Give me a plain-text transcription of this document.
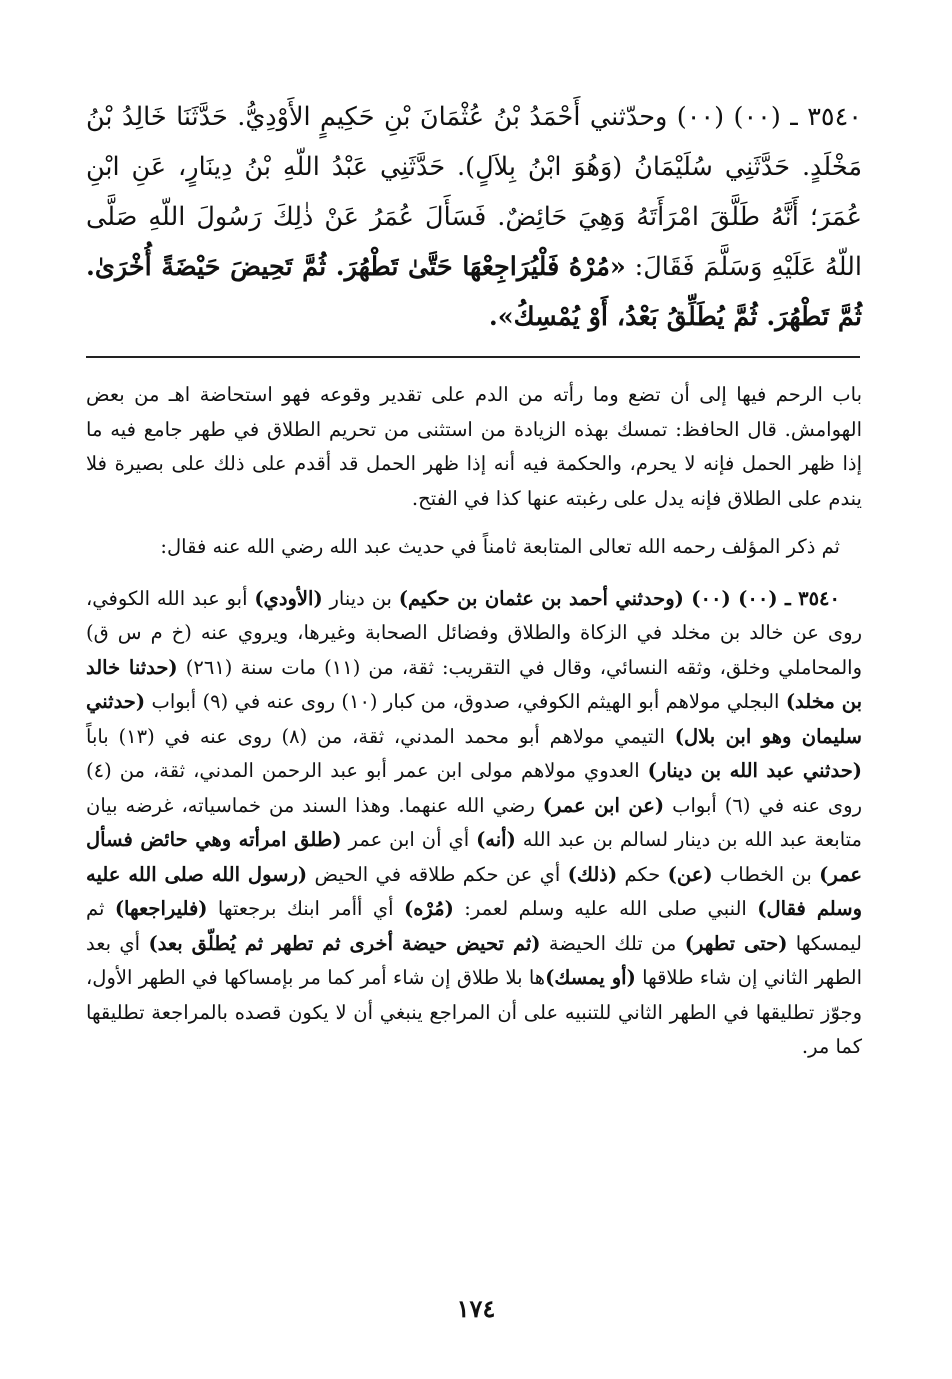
٣٥٤٠ ـ (٠٠) (٠٠) وحدّثني أَحْمَدُ بْنُ عُثْمَانَ بْنِ حَكِيمٍ الأَوْدِيُّ. حَدَّثَنَا خَالِدُ بْنُ مَخْلَدٍ. حَدَّثَنِي سُلَيْمَانُ (وَهُوَ ابْنُ بِلاَلٍ). حَدَّثَنِي عَبْدُ اللّهِ بْنُ دِينَارٍ، عَنِ ابْنِ عُمَرَ؛ أَنَّهُ طَلَّقَ امْرَأَتَهُ وَهِيَ حَائِضٌ. فَسَأَلَ عُمَرُ عَنْ ذٰلِكَ رَسُولَ اللّهِ صَلَّى اللّهُ عَلَيْهِ وَسَلَّمَ فَقَالَ: «مُرْهُ فَلْيُرَاجِعْهَا حَتَّىٰ تَطْهُرَ. ثُمَّ تَحِيضَ حَيْضَةً أُخْرَىٰ. ثُمَّ تَطْهُرَ. ثُمَّ يُطَلِّقُ بَعْدُ، أَوْ يُمْسِكُ».

باب الرحم فيها إلى أن تضع وما رأته من الدم على تقدير وقوعه فهو استحاضة اهـ من بعض الهوامش. قال الحافظ: تمسك بهذه الزيادة من استثنى من تحريم الطلاق في طهر جامع فيه ما إذا ظهر الحمل فإنه لا يحرم، والحكمة فيه أنه إذا ظهر الحمل قد أقدم على ذلك على بصيرة فلا يندم على الطلاق فإنه يدل على رغبته عنها كذا في الفتح.

ثم ذكر المؤلف رحمه الله تعالى المتابعة ثامناً في حديث عبد الله رضي الله عنه فقال:

٣٥٤٠ ـ (٠٠) (٠٠) (وحدثني أحمد بن عثمان بن حكيم) بن دينار (الأودي) أبو عبد الله الكوفي، روى عن خالد بن مخلد في الزكاة والطلاق وفضائل الصحابة وغيرها، ويروي عنه (خ م س ق) والمحاملي وخلق، وثقه النسائي، وقال في التقريب: ثقة، من (١١) مات سنة (٢٦١) (حدثنا خالد بن مخلد) البجلي مولاهم أبو الهيثم الكوفي، صدوق، من كبار (١٠) روى عنه في (٩) أبواب (حدثني سليمان وهو ابن بلال) التيمي مولاهم أبو محمد المدني، ثقة، من (٨) روى عنه في (١٣) باباً (حدثني عبد الله بن دينار) العدوي مولاهم مولى ابن عمر أبو عبد الرحمن المدني، ثقة، من (٤) روى عنه في (٦) أبواب (عن ابن عمر) رضي الله عنهما. وهذا السند من خماسياته، غرضه بيان متابعة عبد الله بن دينار لسالم بن عبد الله (أنه) أي أن ابن عمر (طلق امرأته وهي حائض فسأل عمر) بن الخطاب (عن) حكم (ذلك) أي عن حكم طلاقه في الحيض (رسول الله صلى الله عليه وسلم فقال) النبي صلى الله عليه وسلم لعمر: (مُرْه) أي أأمر ابنك برجعتها (فليراجعها) ثم ليمسكها (حتى تطهر) من تلك الحيضة (ثم تحيض حيضة أخرى ثم تطهر ثم يُطلّق بعد) أي بعد الطهر الثاني إن شاء طلاقها (أو يمسك)ها بلا طلاق إن شاء أمر كما مر بإمساكها في الطهر الأول، وجوّز تطليقها في الطهر الثاني للتنبيه على أن المراجع ينبغي أن لا يكون قصده بالمراجعة تطليقها كما مر.

١٧٤
